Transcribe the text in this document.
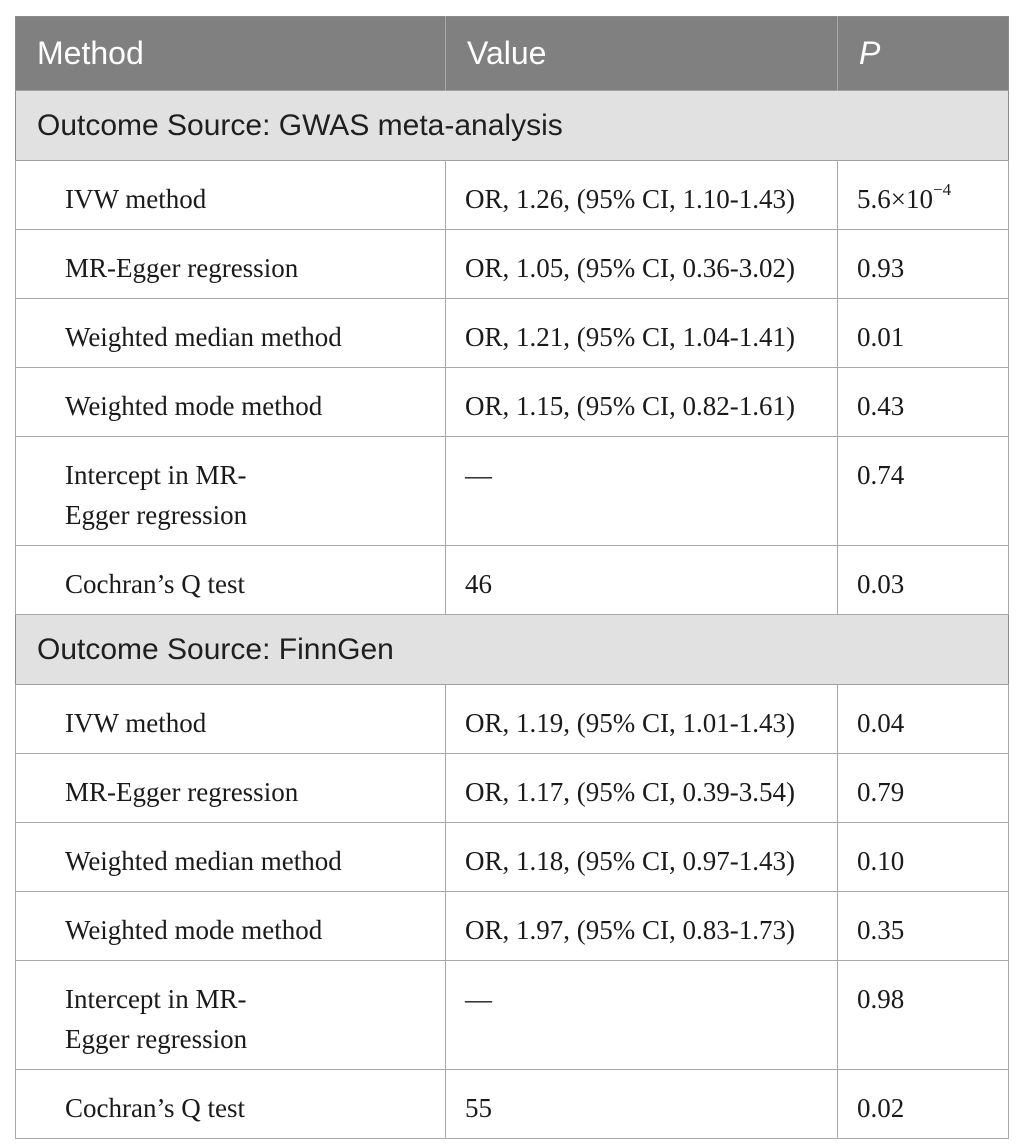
Method	Value	P
Outcome Source: GWAS meta-analysis		
IVW method	OR, 1.26, (95% CI, 1.10-1.43)	$5.6\times 10^{-4}$
MR-Egger regression	OR, 1.05, (95% CI, 0.36-3.02)	0.93
Weighted median method	OR, 1.21, (95% CI, 1.04-1.41)	0.01
Weighted mode method	OR, 1.15, (95% CI, 0.82-1.61)	0.43
Intercept in MR-
Egger regression	—	0.74
Cochran’s Q test	46	0.03
Outcome Source: FinnGen		
IVW method	OR, 1.19, (95% CI, 1.01-1.43)	0.04
MR-Egger regression	OR, 1.17, (95% CI, 0.39-3.54)	0.79
Weighted median method	OR, 1.18, (95% CI, 0.97-1.43)	0.10
Weighted mode method	OR, 1.97, (95% CI, 0.83-1.73)	0.35
Intercept in MR-
Egger regression	—	0.98
Cochran’s Q test	55	0.02
